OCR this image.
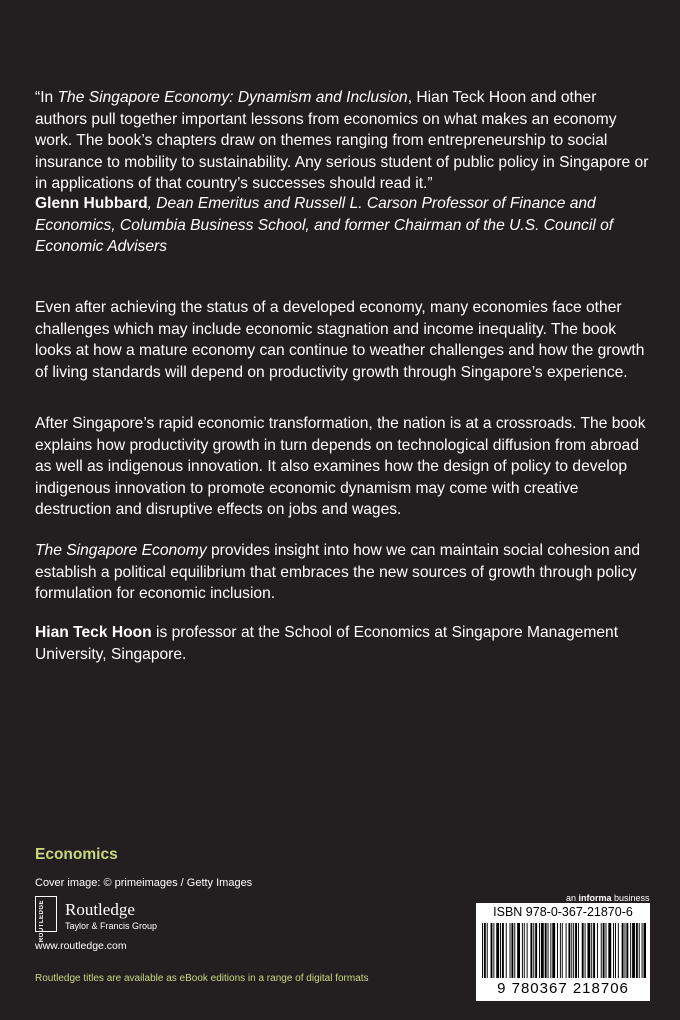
“In The Singapore Economy: Dynamism and Inclusion, Hian Teck Hoon and other authors pull together important lessons from economics on what makes an economy work. The book’s chapters draw on themes ranging from entrepreneurship to social insurance to mobility to sustainability. Any serious student of public policy in Singapore or in applications of that country’s successes should read it.”
Glenn Hubbard, Dean Emeritus and Russell L. Carson Professor of Finance and Economics, Columbia Business School, and former Chairman of the U.S. Council of Economic Advisers

Even after achieving the status of a developed economy, many economies face other challenges which may include economic stagnation and income inequality. The book looks at how a mature economy can continue to weather challenges and how the growth of living standards will depend on productivity growth through Singapore’s experience.

After Singapore’s rapid economic transformation, the nation is at a crossroads. The book explains how productivity growth in turn depends on technological diffusion from abroad as well as indigenous innovation. It also examines how the design of policy to develop indigenous innovation to promote economic dynamism may come with creative destruction and disruptive effects on jobs and wages.

The Singapore Economy provides insight into how we can maintain social cohesion and establish a political equilibrium that embraces the new sources of growth through policy formulation for economic inclusion.

Hian Teck Hoon is professor at the School of Economics at Singapore Management University, Singapore.

Economics
Cover image: © primeimages / Getty Images
ROUTLEDGE Routledge
Taylor & Francis Group
www.routledge.com
Routledge titles are available as eBook editions in a range of digital formats
an informa business
ISBN 978-0-367-21870-6
9 780367 218706
